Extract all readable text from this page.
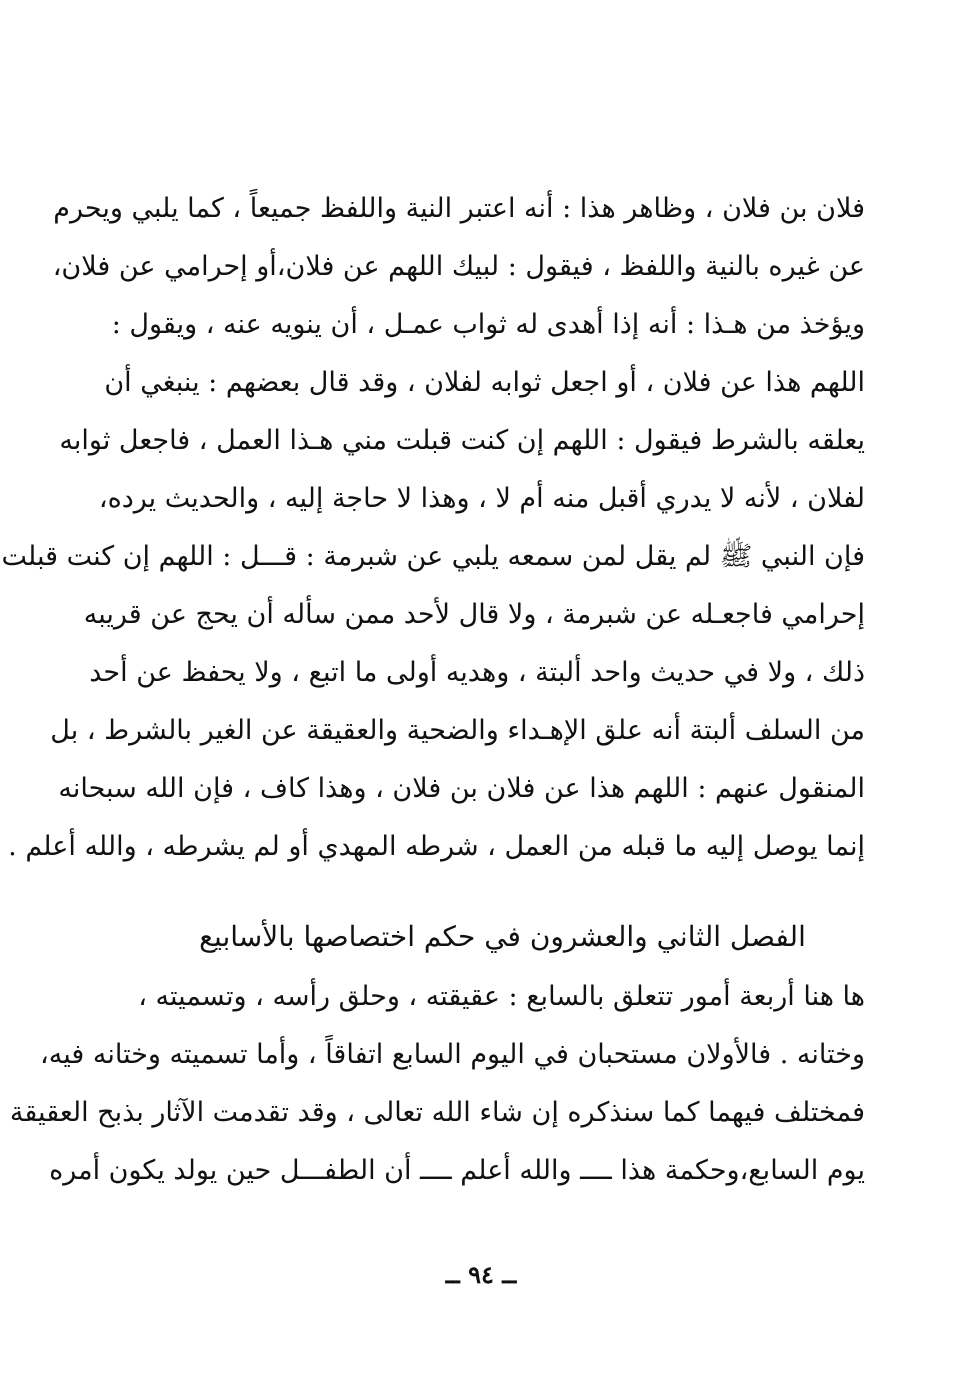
فلان بن فلان ، وظاهر هذا : أنه اعتبر النية واللفظ جميعاً ، كما يلبي ويحرم
عن غيره بالنية واللفظ ، فيقول : لبيك اللهم عن فلان،أو إحرامي عن فلان،
ويؤخذ من هـذا : أنه إذا أهدى له ثواب عمـل ، أن ينويه عنه ، ويقول :
اللهم هذا عن فلان ، أو اجعل ثوابه لفلان ، وقد قال بعضهم : ينبغي أن
يعلقه بالشرط فيقول : اللهم إن كنت قبلت مني هـذا العمل ، فاجعل ثوابه
لفلان ، لأنه لا يدري أقبل منه أم لا ، وهذا لا حاجة إليه ، والحديث يرده،
فإن النبي ﷺ لم يقل لمن سمعه يلبي عن شبرمة : قـــل : اللهم إن كنت قبلت
إحرامي فاجعـله عن شبرمة ، ولا قال لأحد ممن سأله أن يحج عن قريبه
ذلك ، ولا في حديث واحد ألبتة ، وهديه أولى ما اتبع ، ولا يحفظ عن أحد
من السلف ألبتة أنه علق الإهـداء والضحية والعقيقة عن الغير بالشرط ، بل
المنقول عنهم : اللهم هذا عن فلان بن فلان ، وهذا كاف ، فإن الله سبحانه
إنما يوصل إليه ما قبله من العمل ، شرطه المهدي أو لم يشرطه ، والله أعلم .
الفصل الثاني والعشرون في حكم اختصاصها بالأسابيع
ها هنا أربعة أمور تتعلق بالسابع : عقيقته ، وحلق رأسه ، وتسميته ،
وختانه . فالأولان مستحبان في اليوم السابع اتفاقاً ، وأما تسميته وختانه فيه،
فمختلف فيهما كما سنذكره إن شاء الله تعالى ، وقد تقدمت الآثار بذبح العقيقة
يوم السابع،وحكمة هذا ــــ والله أعلم ــــ أن الطفـــل حين يولد يكون أمره
ــ ٩٤ ــ
